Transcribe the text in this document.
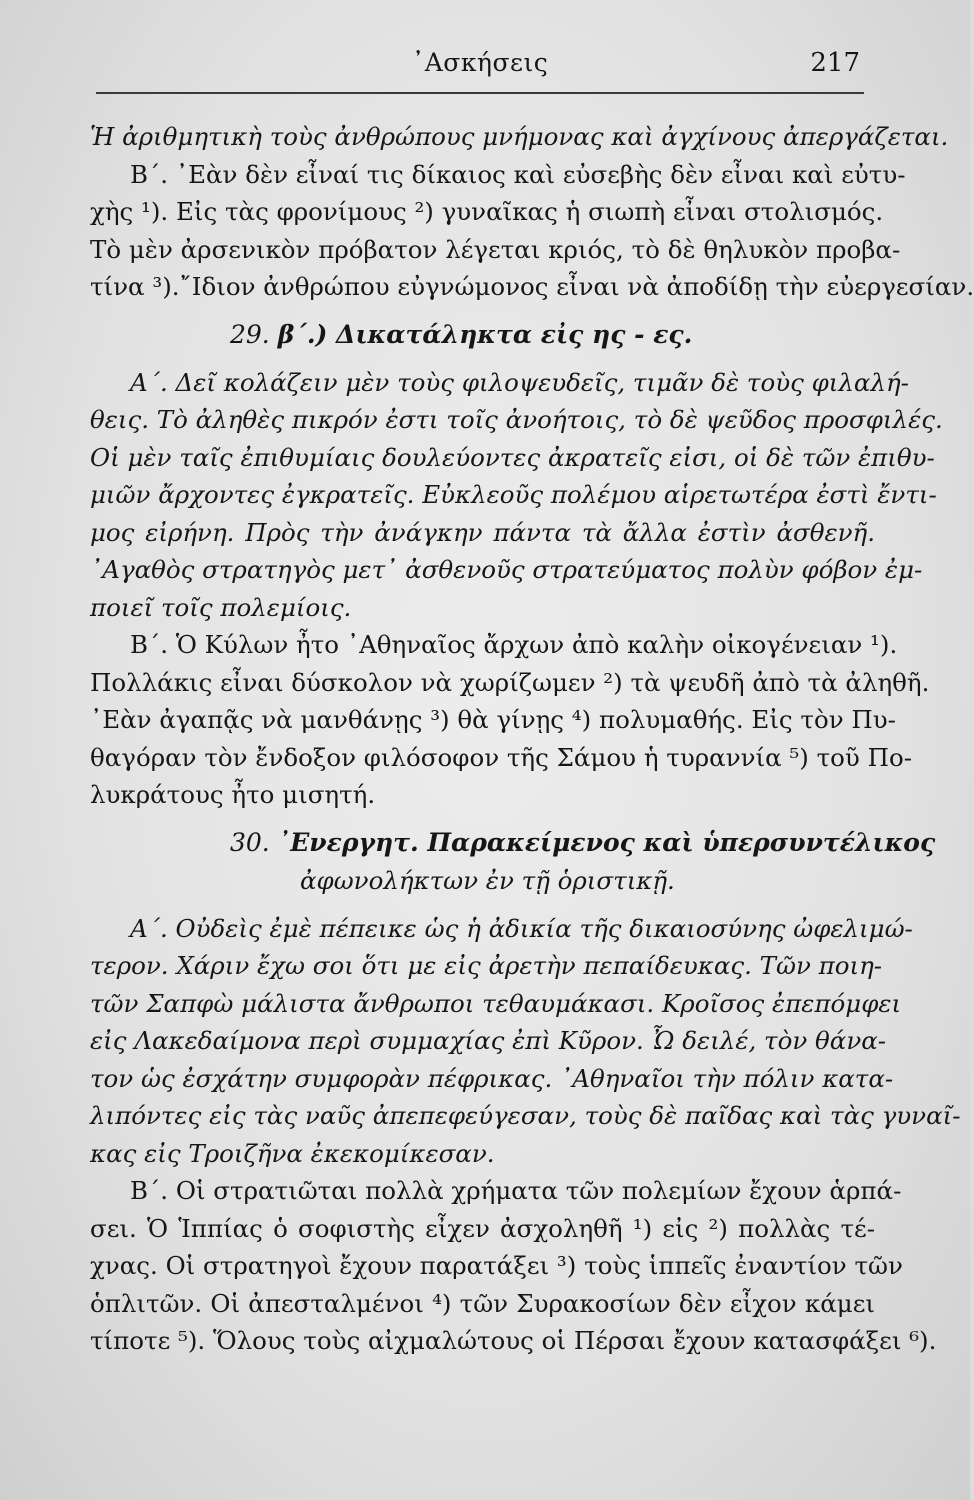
᾿Ασκήσεις	217
Ἡ ἀριθμητικὴ τοὺς ἀνθρώπους μνήμονας καὶ ἀγχίνους ἀπεργάζεται.
Β΄. ᾿Εὰν δὲν εἶναί τις δίκαιος καὶ εὐσεβὴς δὲν εἶναι καὶ εὐτυ-
χὴς ¹). Εἰς τὰς φρονίμους ²) γυναῖκας ἡ σιωπὴ εἶναι στολισμός.
Τὸ μὲν ἀρσενικὸν πρόβατον λέγεται κριός, τὸ δὲ θηλυκὸν προβα-
τίνα ³).῎Ιδιον ἀνθρώπου εὐγνώμονος εἶναι νὰ ἀποδίδῃ τὴν εὐεργεσίαν.
29. β΄.) Δικατάληκτα εἰς ης - ες.
Α΄. Δεῖ κολάζειν μὲν τοὺς φιλοψευδεῖς, τιμᾶν δὲ τοὺς φιλαλή-
θεις. Τὸ ἀληθὲς πικρόν ἐστι τοῖς ἀνοήτοις, τὸ δὲ ψεῦδος προσφιλές.
Οἱ μὲν ταῖς ἐπιθυμίαις δουλεύοντες ἀκρατεῖς εἰσι, οἱ δὲ τῶν ἐπιθυ-
μιῶν ἄρχοντες ἐγκρατεῖς. Εὐκλεοῦς πολέμου αἱρετωτέρα ἐστὶ ἔντι-
μος εἰρήνη. Πρὸς τὴν ἀνάγκην πάντα τὰ ἄλλα ἐστὶν ἀσθενῆ.
᾿Αγαθὸς στρατηγὸς μετ᾿ ἀσθενοῦς στρατεύματος πολὺν φόβον ἐμ-
ποιεῖ τοῖς πολεμίοις.
Β΄. Ὁ Κύλων ἦτο ᾿Αθηναῖος ἄρχων ἀπὸ καλὴν οἰκογένειαν ¹).
Πολλάκις εἶναι δύσκολον νὰ χωρίζωμεν ²) τὰ ψευδῆ ἀπὸ τὰ ἀληθῆ.
᾿Εὰν ἀγαπᾷς νὰ μανθάνῃς ³) θὰ γίνῃς ⁴) πολυμαθής. Εἰς τὸν Πυ-
θαγόραν τὸν ἔνδοξον φιλόσοφον τῆς Σάμου ἡ τυραννία ⁵) τοῦ Πο-
λυκράτους ἦτο μισητή.
30. ᾿Ενεργητ. Παρακείμενος καὶ ὑπερσυντέλικος
ἀφωνολήκτων ἐν τῇ ὁριστικῇ.
Α΄. Οὐδεὶς ἐμὲ πέπεικε ὡς ἡ ἀδικία τῆς δικαιοσύνης ὠφελιμώ-
τερον. Χάριν ἔχω σοι ὅτι με εἰς ἀρετὴν πεπαίδευκας. Τῶν ποιη-
τῶν Σαπφὼ μάλιστα ἄνθρωποι τεθαυμάκασι. Κροῖσος ἐπεπόμφει
εἰς Λακεδαίμονα περὶ συμμαχίας ἐπὶ Κῦρον. Ὦ δειλέ, τὸν θάνα-
τον ὡς ἐσχάτην συμφορὰν πέφρικας. ᾿Αθηναῖοι τὴν πόλιν κατα-
λιπόντες εἰς τὰς ναῦς ἀπεπεφεύγεσαν, τοὺς δὲ παῖδας καὶ τὰς γυναῖ-
κας εἰς Τροιζῆνα ἐκεκομίκεσαν.
Β΄. Οἱ στρατιῶται πολλὰ χρήματα τῶν πολεμίων ἔχουν ἁρπά-
σει. Ὁ Ἱππίας ὁ σοφιστὴς εἶχεν ἀσχοληθῆ ¹) εἰς ²) πολλὰς τέ-
χνας. Οἱ στρατηγοὶ ἔχουν παρατάξει ³) τοὺς ἱππεῖς ἐναντίον τῶν
ὁπλιτῶν. Οἱ ἀπεσταλμένοι ⁴) τῶν Συρακοσίων δὲν εἶχον κάμει
τίποτε ⁵). Ὅλους τοὺς αἰχμαλώτους οἱ Πέρσαι ἔχουν κατασφάξει ⁶).
